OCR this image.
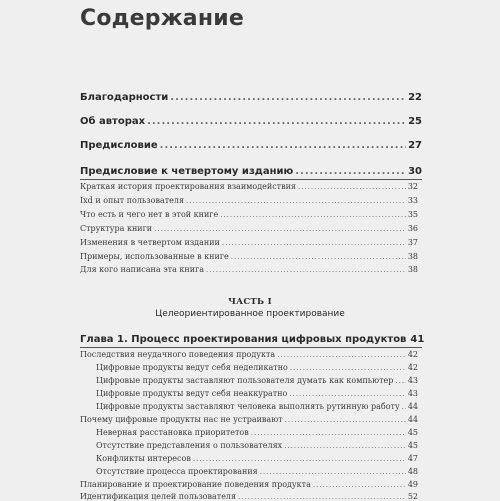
Содержание
Благодарности .....	22
Об авторах .....	25
Предисловие .....	27
Предисловие к четвертому изданию .....	30
Краткая история проектирования взаимодействия .....	32
Ixd и опыт пользователя .....	33
Что есть и чего нет в этой книге .....	35
Структура книги .....	36
Изменения в четвертом издании .....	37
Примеры, использованные в книге .....	38
Для кого написана эта книга .....	38
ЧАСТЬ I
Целеориентированное проектирование
Глава 1. Процесс проектирования цифровых продуктов 41
Последствия неудачного поведения продукта .....	42
Цифровые продукты ведут себя неделикатно .....	42
Цифровые продукты заставляют пользователя думать как компьютер ..... 43
Цифровые продукты ведут себя неаккуратно .....	43
Цифровые продукты заставляют человека выполнять рутинную работу ..... 44
Почему цифровые продукты нас не устраивают .....	44
Неверная расстановка приоритетов .....	45
Отсутствие представления о пользователях .....	45
Конфликты интересов .....	47
Отсутствие процесса проектирования .....	48
Планирование и проектирование поведения продукта .....	49
Идентификация целей пользователя .....	52
